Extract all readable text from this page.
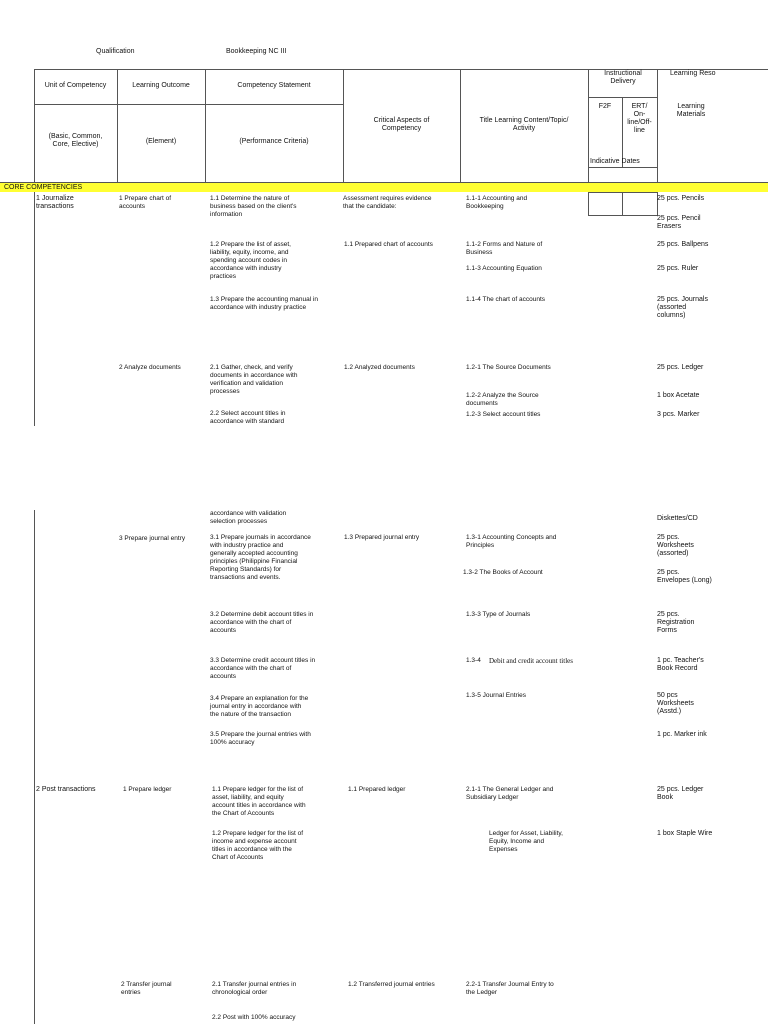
Qualification	Bookkeeping NC III
Unit of Competency
(Basic, Common,
Core, Elective)
Learning Outcome
(Element)
Competency Statement
(Performance Criteria)
Critical Aspects of
Competency
Title Learning Content/Topic/
Activity
Instructional
Delivery
F2F	ERT/
On-
line/Off-
line
Indicative Dates
Learning Reso
Learning
Materials
CORE COMPETENCIES
1 Journalize
transactions
2 Post transactions
1 Prepare chart of
accounts
2 Analyze documents
3 Prepare journal entry
1 Prepare ledger
2 Transfer journal
entries
1.1 Determine the nature of
business based on the client's
information
1.2 Prepare the list of asset,
liability, equity, income, and
spending account codes in
accordance with industry
practices
1.3 Prepare the accounting manual in
accordance with industry practice
2.1 Gather, check, and verify
documents in accordance with
verification and validation
processes
2.2 Select account titles in
accordance with standard
accordance with validation
selection processes
3.1 Prepare journals in accordance
with industry practice and
generally accepted accounting
principles (Philippine Financial
Reporting Standards) for
transactions and events.
3.2 Determine debit account titles in
accordance with the chart of
accounts
3.3 Determine credit account titles in
accordance with the chart of
accounts
3.4 Prepare an explanation for the
journal entry in accordance with
the nature of the transaction
3.5 Prepare the journal entries with
100% accuracy
1.1 Prepare ledger for the list of
asset, liability, and equity
account titles in accordance with
the Chart of Accounts
1.2 Prepare ledger for the list of
income and expense account
titles in accordance with the
Chart of Accounts
2.1 Transfer journal entries in
chronological order
2.2 Post with 100% accuracy
Assessment requires evidence
that the candidate:
1.1 Prepared chart of accounts
1.2 Analyzed documents
1.3 Prepared journal entry
1.1 Prepared ledger
1.2 Transferred journal entries
1.1-1 Accounting and
Bookkeeping
1.1-2 Forms and Nature of
Business
1.1-3 Accounting Equation
1.1-4 The chart of accounts
1.2-1 The Source Documents
1.2-2 Analyze the Source
documents
1.2-3 Select account titles
1.3-1 Accounting Concepts and
Principles
1.3-2 The Books of Account
1.3-3 Type of Journals
1.3-4 Debit and credit account titles
1.3-5 Journal Entries
2.1-1 The General Ledger and
Subsidiary Ledger
Ledger for Asset, Liability,
Equity, Income and
Expenses
2.2-1 Transfer Journal Entry to
the Ledger
25 pcs. Pencils
25 pcs. Pencil
Erasers
25 pcs. Ballpens
25 pcs. Ruler
25 pcs. Journals
(assorted
columns)
25 pcs. Ledger
1 box Acetate
3 pcs. Marker
Diskettes/CD
25 pcs.
Worksheets
(assorted)
25 pcs.
Envelopes (Long)
25 pcs.
Registration
Forms
1 pc. Teacher's
Book Record
50 pcs
Worksheets
(Asstd.)
1 pc. Marker ink
25 pcs. Ledger
Book
1 box Staple Wire
